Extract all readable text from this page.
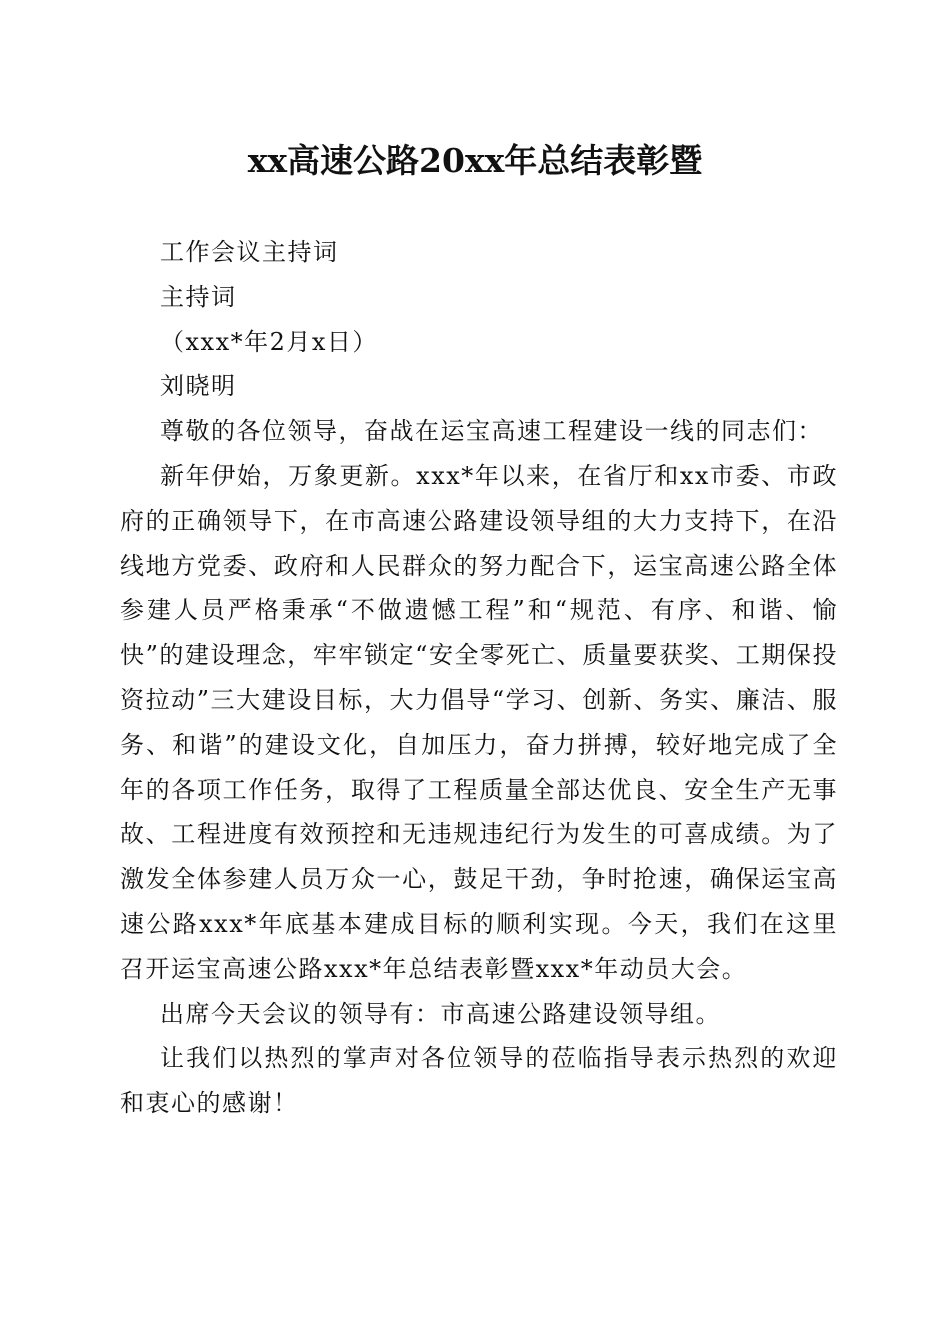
xx高速公路20xx年总结表彰暨

工作会议主持词

主持词

（xxx*年2月x日）

刘晓明

尊敬的各位领导，奋战在运宝高速工程建设一线的同志们：

新年伊始，万象更新。xxx*年以来，在省厅和xx市委、市政府的正确领导下，在市高速公路建设领导组的大力支持下，在沿线地方党委、政府和人民群众的努力配合下，运宝高速公路全体参建人员严格秉承“不做遗憾工程”和“规范、有序、和谐、愉快”的建设理念，牢牢锁定“安全零死亡、质量要获奖、工期保投资拉动”三大建设目标，大力倡导“学习、创新、务实、廉洁、服务、和谐”的建设文化，自加压力，奋力拼搏，较好地完成了全年的各项工作任务，取得了工程质量全部达优良、安全生产无事故、工程进度有效预控和无违规违纪行为发生的可喜成绩。为了激发全体参建人员万众一心，鼓足干劲，争时抢速，确保运宝高速公路xxx*年底基本建成目标的顺利实现。今天，我们在这里召开运宝高速公路xxx*年总结表彰暨xxx*年动员大会。

出席今天会议的领导有：市高速公路建设领导组。

让我们以热烈的掌声对各位领导的莅临指导表示热烈的欢迎和衷心的感谢！
